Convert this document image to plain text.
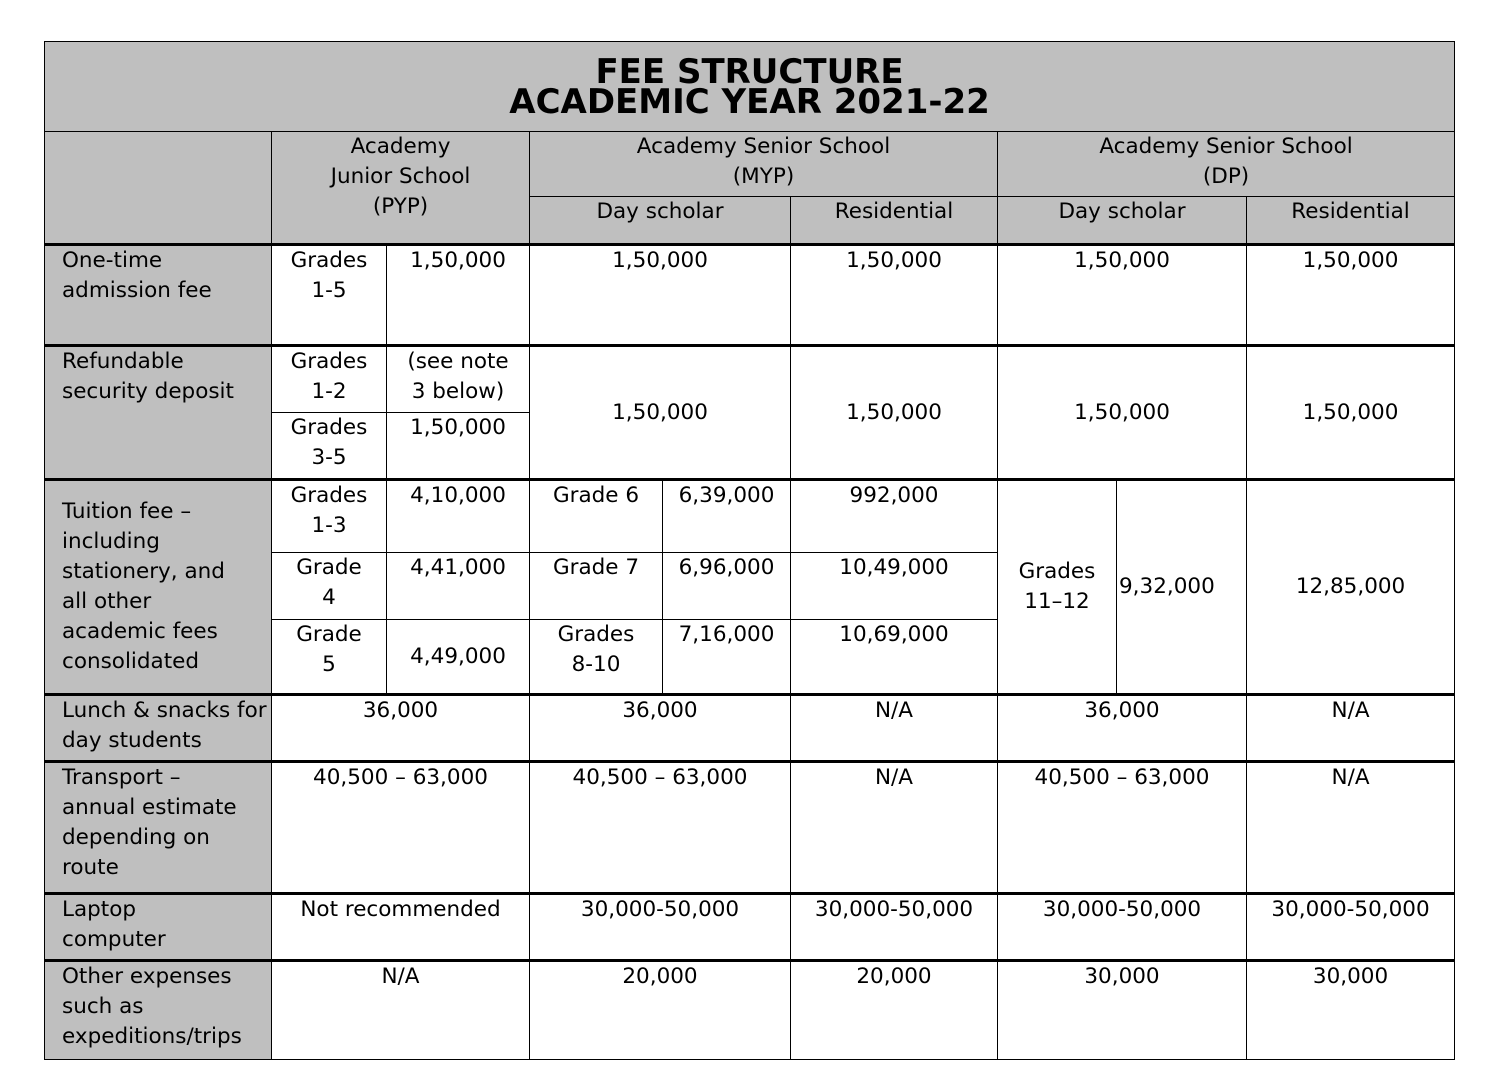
FEE STRUCTURE
ACADEMIC YEAR 2021-22								

	Academy Junior School (PYP)		Academy Senior School (MYP)			Academy Senior School (DP)		
			Day scholar		Residential	Day scholar		Residential
One-time admission fee	Grades 1-5	1,50,000	1,50,000		1,50,000	1,50,000		1,50,000
Refundable security deposit	Grades 1-2	(see note 3 below)	1,50,000		1,50,000	1,50,000		1,50,000
	Grades 3-5	1,50,000						
Tuition fee – including stationery, and all other academic fees consolidated	Grades 1-3	4,10,000	Grade 6	6,39,000	992,000	Grades 11–12	9,32,000	12,85,000
	Grade 4	4,41,000	Grade 7	6,96,000	10,49,000			
	Grade 5	4,49,000	Grades 8-10	7,16,000	10,69,000			
Lunch & snacks for day students	36,000		36,000		N/A	36,000		N/A
Transport – annual estimate depending on route	40,500 – 63,000		40,500 – 63,000		N/A	40,500 – 63,000		N/A
Laptop computer	Not recommended		30,000-50,000		30,000-50,000	30,000-50,000		30,000-50,000
Other expenses such as expeditions/trips	N/A		20,000		20,000	30,000		30,000
